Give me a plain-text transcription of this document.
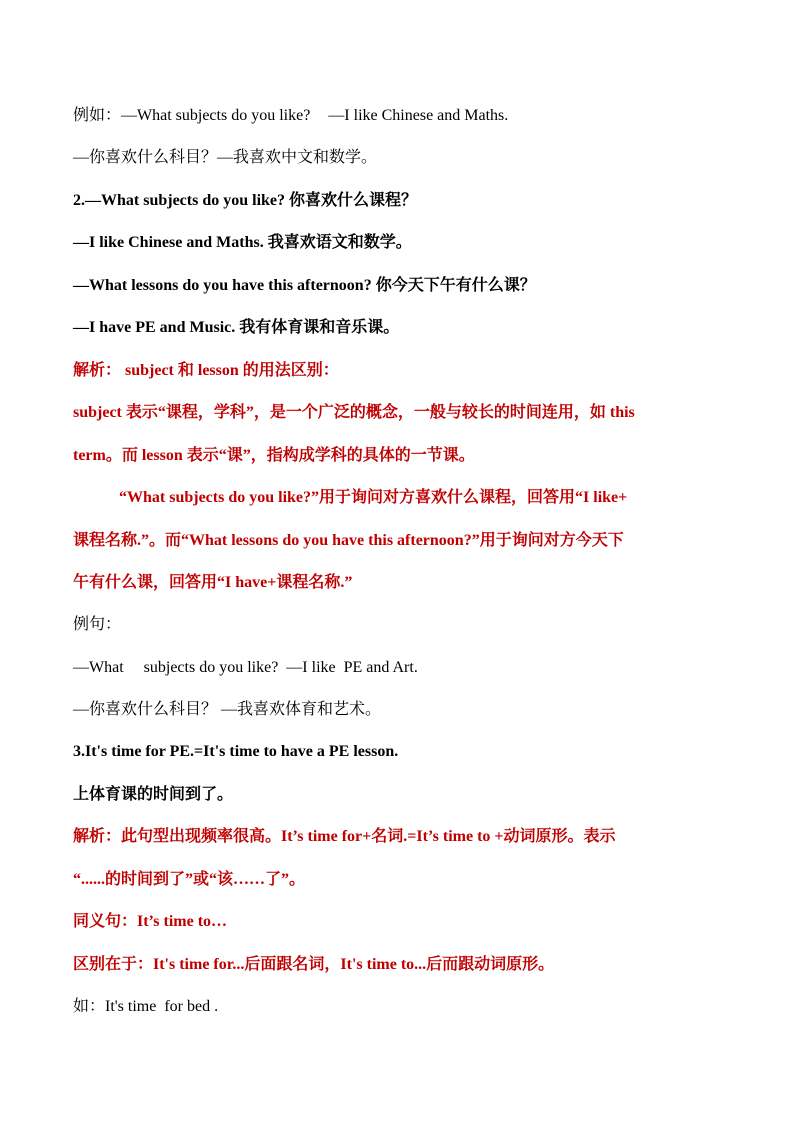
例如：—What subjects do you like? —I like Chinese and Maths.
—你喜欢什么科目？—我喜欢中文和数学。
2.—What subjects do you like? 你喜欢什么课程？
—I like Chinese and Maths. 我喜欢语文和数学。
—What lessons do you have this afternoon? 你今天下午有什么课？
—I have PE and Music. 我有体育课和音乐课。
解析： subject 和 lesson 的用法区别：
subject 表示“课程，学科”，是一个广泛的概念，一般与较长的时间连用，如 this
term。而 lesson 表示“课”，指构成学科的具体的一节课。
“What subjects do you like?”用于询问对方喜欢什么课程，回答用“I like+
课程名称.”。而“What lessons do you have this afternoon?”用于询问对方今天下
午有什么课，回答用“I have+课程名称.”
例句：
—What     subjects do you like?  —I like  PE and Art.
—你喜欢什么科目？ —我喜欢体育和艺术。
3.It's time for PE.=It's time to have a PE lesson.
上体育课的时间到了。
解析：此句型出现频率很高。It’s time for+名词.=It’s time to +动词原形。表示
“......的时间到了”或“该……了”。
同义句：It’s time to…
区别在于：It's time for...后面跟名词，It's time to...后而跟动词原形。
如：It's time  for bed .
